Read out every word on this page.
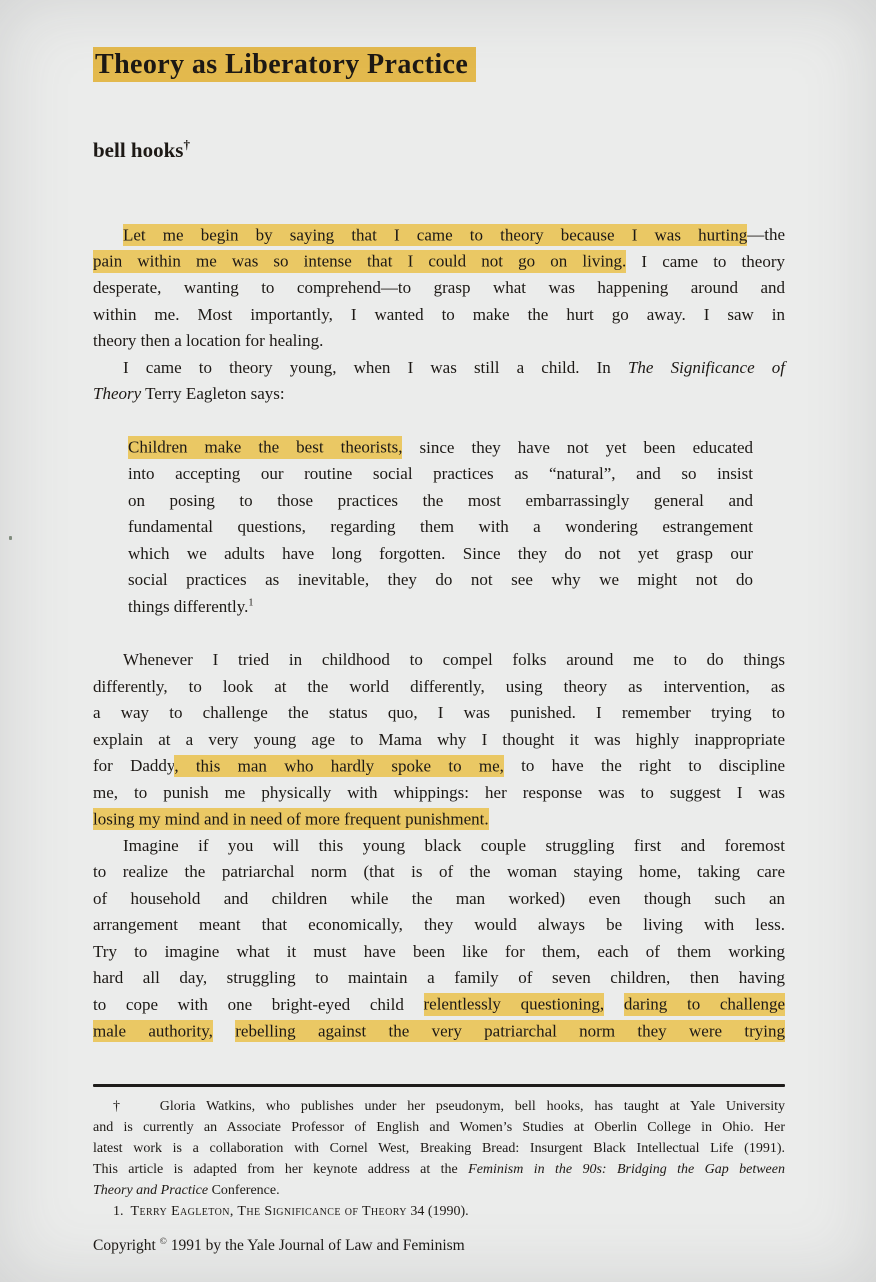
Theory as Liberatory Practice
bell hooks†
Let me begin by saying that I came to theory because I was hurting—the
pain within me was so intense that I could not go on living. I came to theory
desperate, wanting to comprehend—to grasp what was happening around and
within me. Most importantly, I wanted to make the hurt go away. I saw in
theory then a location for healing.
I came to theory young, when I was still a child. In The Significance of
Theory Terry Eagleton says:
Children make the best theorists, since they have not yet been educated
into accepting our routine social practices as “natural”, and so insist
on posing to those practices the most embarrassingly general and
fundamental questions, regarding them with a wondering estrangement
which we adults have long forgotten. Since they do not yet grasp our
social practices as inevitable, they do not see why we might not do
things differently.$^1$
Whenever I tried in childhood to compel folks around me to do things
differently, to look at the world differently, using theory as intervention, as
a way to challenge the status quo, I was punished. I remember trying to
explain at a very young age to Mama why I thought it was highly inappropriate
for Daddy, this man who hardly spoke to me, to have the right to discipline
me, to punish me physically with whippings: her response was to suggest I was
losing my mind and in need of more frequent punishment.
Imagine if you will this young black couple struggling first and foremost
to realize the patriarchal norm (that is of the woman staying home, taking care
of household and children while the man worked) even though such an
arrangement meant that economically, they would always be living with less.
Try to imagine what it must have been like for them, each of them working
hard all day, struggling to maintain a family of seven children, then having
to cope with one bright-eyed child relentlessly questioning, daring to challenge
male authority, rebelling against the very patriarchal norm they were trying
†   Gloria Watkins, who publishes under her pseudonym, bell hooks, has taught at Yale University
and is currently an Associate Professor of English and Women’s Studies at Oberlin College in Ohio. Her
latest work is a collaboration with Cornel West, Breaking Bread: Insurgent Black Intellectual Life (1991).
This article is adapted from her keynote address at the Feminism in the 90s: Bridging the Gap between
Theory and Practice Conference.
1.  Terry Eagleton, The Significance of Theory 34 (1990).
Copyright © 1991 by the Yale Journal of Law and Feminism
